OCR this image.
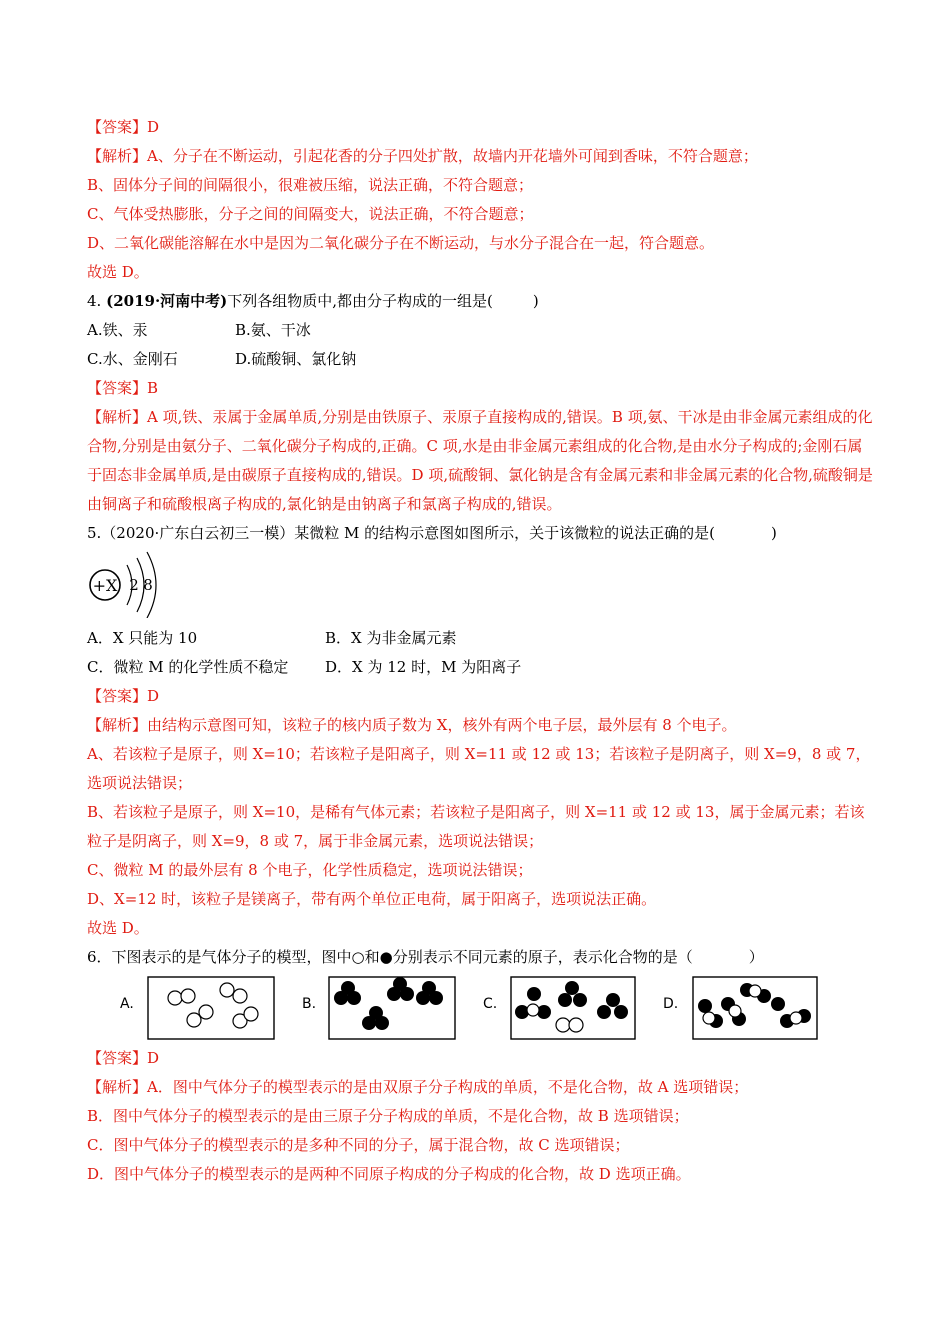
【答案】D
【解析】A、分子在不断运动，引起花香的分子四处扩散，故墙内开花墙外可闻到香味，不符合题意；
B、固体分子间的间隔很小，很难被压缩，说法正确，不符合题意；
C、气体受热膨胀，分子之间的间隔变大，说法正确，不符合题意；
D、二氧化碳能溶解在水中是因为二氧化碳分子在不断运动，与水分子混合在一起，符合题意。
故选 D。
4. (2019·河南中考)下列各组物质中,都由分子构成的一组是(	)
A.铁、汞	B.氨、干冰
C.水、金刚石	D.硫酸铜、氯化钠
【答案】B
【解析】A 项,铁、汞属于金属单质,分别是由铁原子、汞原子直接构成的,错误。B 项,氨、干冰是由非金属元素组成的化合物,分别是由氨分子、二氧化碳分子构成的,正确。C 项,水是由非金属元素组成的化合物,是由水分子构成的;金刚石属于固态非金属单质,是由碳原子直接构成的,错误。D 项,硫酸铜、氯化钠是含有金属元素和非金属元素的化合物,硫酸铜是由铜离子和硫酸根离子构成的,氯化钠是由钠离子和氯离子构成的,错误。
5.（2020·广东白云初三一模）某微粒 M 的结构示意图如图所示，关于该微粒的说法正确的是(	)
+X 2 8
A．X 只能为 10	B．X 为非金属元素
C．微粒 M 的化学性质不稳定 D．X 为 12 时，M 为阳离子
【答案】D
【解析】由结构示意图可知，该粒子的核内质子数为 X，核外有两个电子层，最外层有 8 个电子。
A、若该粒子是原子，则 X=10；若该粒子是阳离子，则 X=11 或 12 或 13；若该粒子是阴离子，则 X=9，8 或 7，选项说法错误；
B、若该粒子是原子，则 X=10，是稀有气体元素；若该粒子是阳离子，则 X=11 或 12 或 13，属于金属元素；若该粒子是阴离子，则 X=9，8 或 7，属于非金属元素，选项说法错误；
C、微粒 M 的最外层有 8 个电子，化学性质稳定，选项说法错误；
D、X=12 时，该粒子是镁离子，带有两个单位正电荷，属于阳离子，选项说法正确。
故选 D。
6．下图表示的是气体分子的模型，图中○和●分别表示不同元素的原子，表示化合物的是（	）
A.	B.	C.	D.
【答案】D
【解析】A．图中气体分子的模型表示的是由双原子分子构成的单质，不是化合物，故 A 选项错误；
B．图中气体分子的模型表示的是由三原子分子构成的单质，不是化合物，故 B 选项错误；
C．图中气体分子的模型表示的是多种不同的分子，属于混合物，故 C 选项错误；
D．图中气体分子的模型表示的是两种不同原子构成的分子构成的化合物，故 D 选项正确。
